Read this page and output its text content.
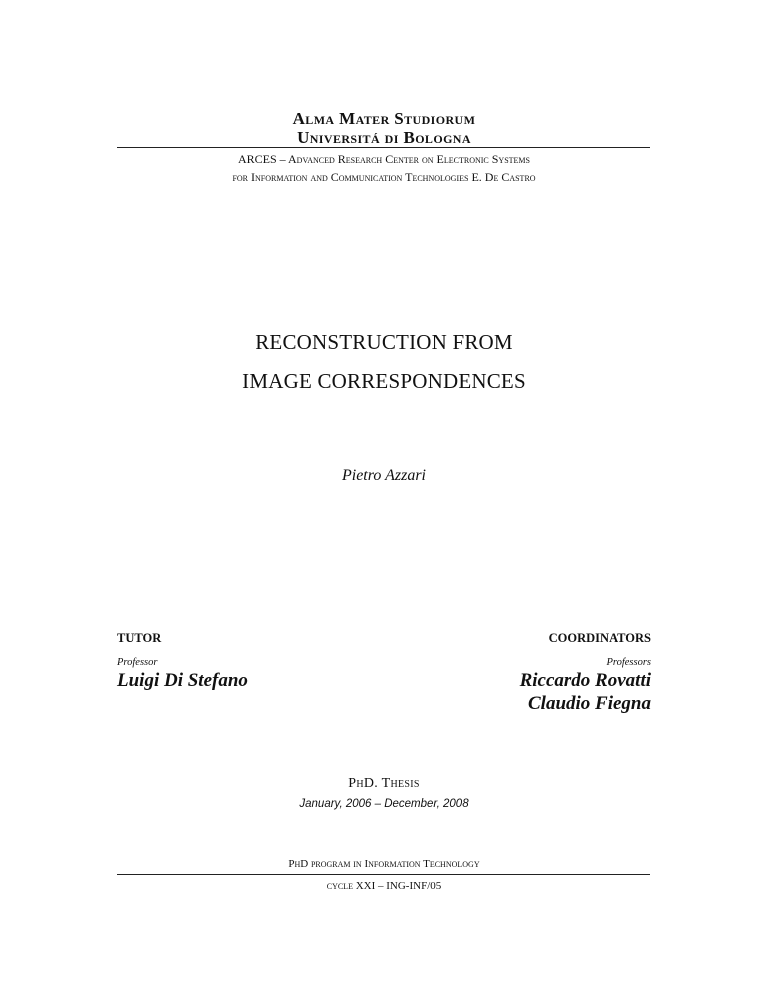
Alma Mater Studiorum
Universitá di Bologna
ARCES – Advanced Research Center on Electronic Systems
for Information and Communication Technologies E. De Castro
RECONSTRUCTION FROM
IMAGE CORRESPONDENCES
Pietro Azzari
TUTOR
Professor
Luigi Di Stefano
COORDINATORS
Professors
Riccardo Rovatti
Claudio Fiegna
PhD. Thesis
January, 2006 – December, 2008
PhD program in Information Technology
cycle XXI – ING-INF/05
